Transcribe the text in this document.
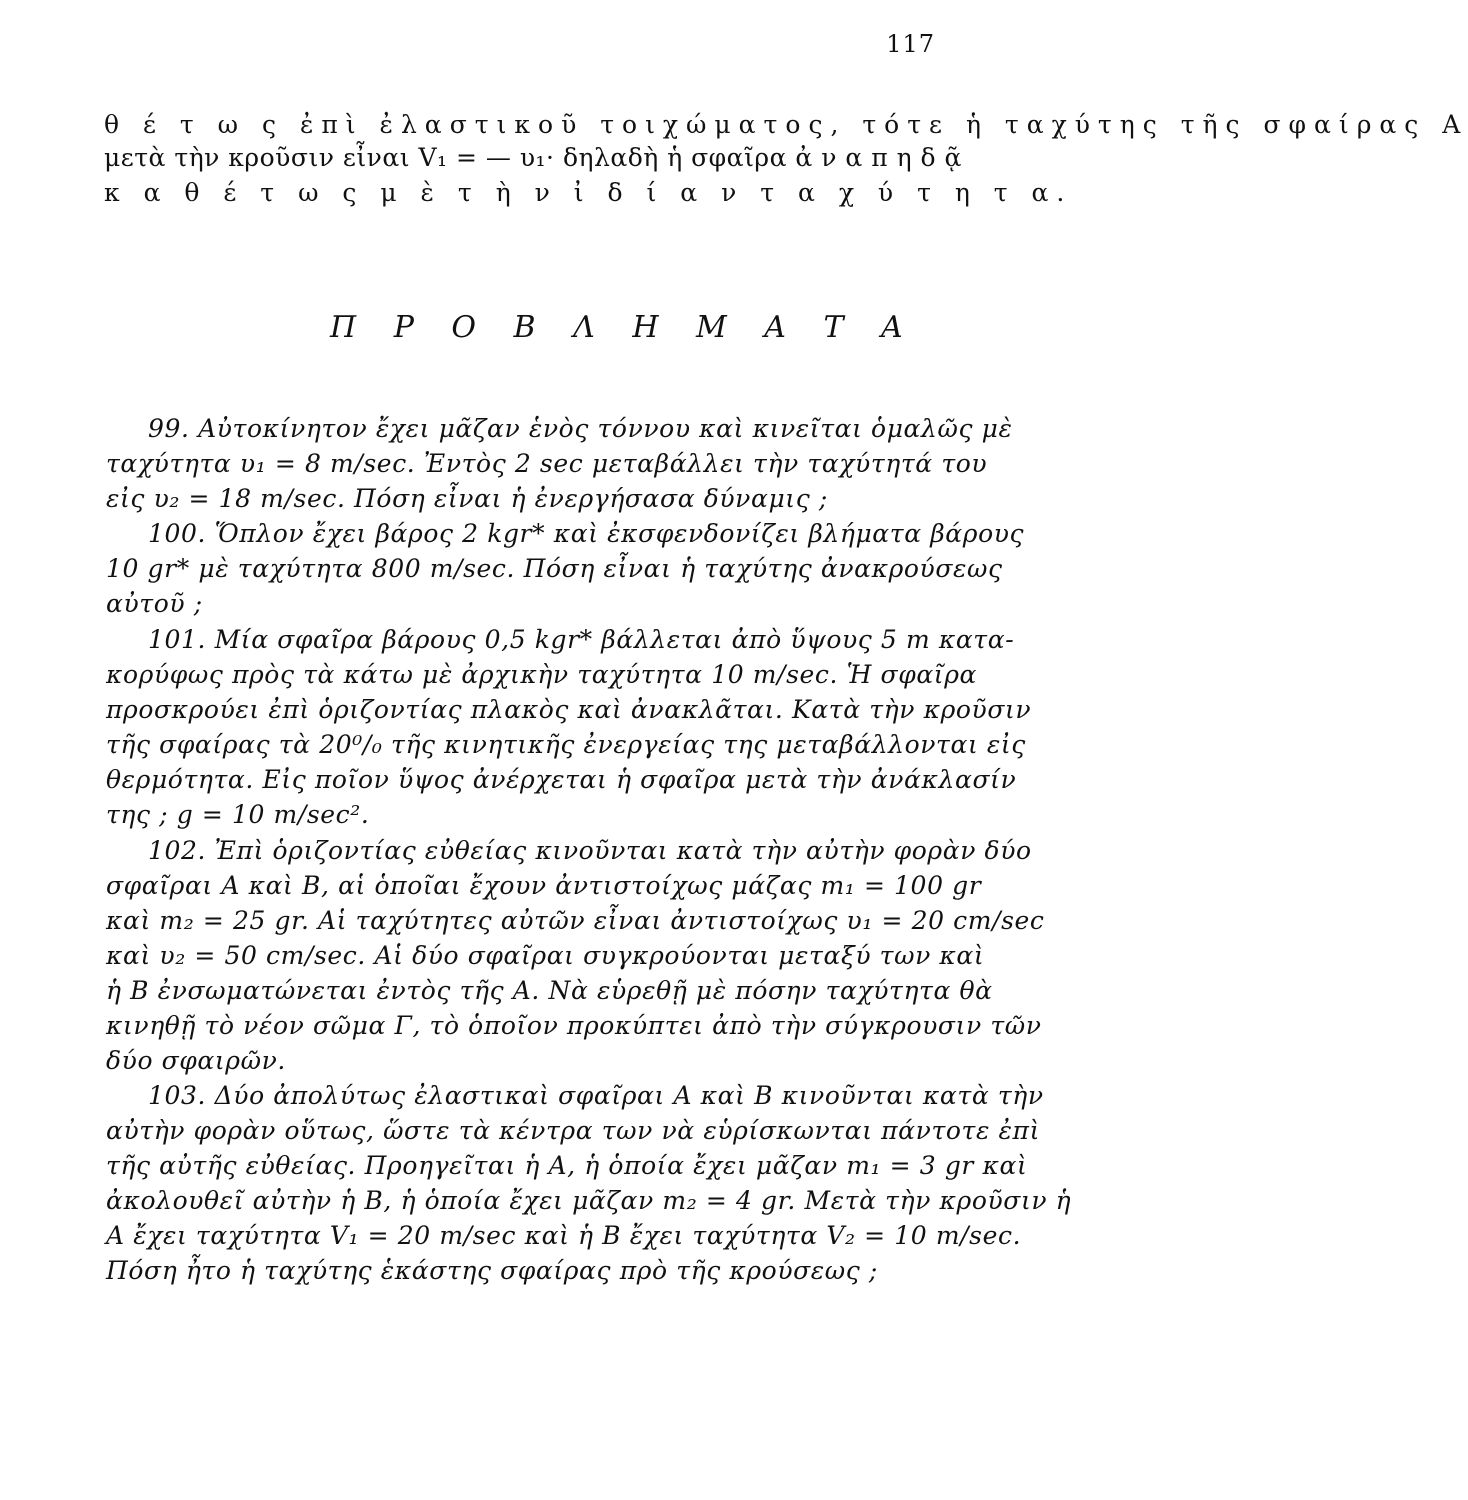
117
θ έ τ ω ς ἐπὶ ἐλαστικοῦ τοιχώματος, τότε ἡ ταχύτης τῆς σφαίρας Α
μετὰ τὴν κροῦσιν εἶναι V₁ = — υ₁· δηλαδὴ ἡ σφαῖρα ἀ ν α π η δ ᾷ
κ α θ έ τ ω ς μ ὲ τ ὴ ν ἰ δ ί α ν τ α χ ύ τ η τ α.
Π Ρ Ο Β Λ Η Μ Α Τ Α
99. Αὐτοκίνητον ἔχει μᾶζαν ἑνὸς τόννου καὶ κινεῖται ὁμαλῶς μὲ
ταχύτητα υ₁ = 8 m/sec. Ἐντὸς 2 sec μεταβάλλει τὴν ταχύτητά του
εἰς υ₂ = 18 m/sec. Πόση εἶναι ἡ ἐνεργήσασα δύναμις ;
100. Ὅπλον ἔχει βάρος 2 kgr* καὶ ἐκσφενδονίζει βλήματα βάρους
10 gr* μὲ ταχύτητα 800 m/sec. Πόση εἶναι ἡ ταχύτης ἀνακρούσεως
αὐτοῦ ;
101. Μία σφαῖρα βάρους 0,5 kgr* βάλλεται ἀπὸ ὕψους 5 m κατα-
κορύφως πρὸς τὰ κάτω μὲ ἀρχικὴν ταχύτητα 10 m/sec. Ἡ σφαῖρα
προσκρούει ἐπὶ ὁριζοντίας πλακὸς καὶ ἀνακλᾶται. Κατὰ τὴν κροῦσιν
τῆς σφαίρας τὰ 20⁰/₀ τῆς κινητικῆς ἐνεργείας της μεταβάλλονται εἰς
θερμότητα. Εἰς ποῖον ὕψος ἀνέρχεται ἡ σφαῖρα μετὰ τὴν ἀνάκλασίν
της ; g = 10 m/sec².
102. Ἐπὶ ὁριζοντίας εὐθείας κινοῦνται κατὰ τὴν αὐτὴν φορὰν δύο
σφαῖραι Α καὶ Β, αἱ ὁποῖαι ἔχουν ἀντιστοίχως μάζας m₁ = 100 gr
καὶ m₂ = 25 gr. Αἱ ταχύτητες αὐτῶν εἶναι ἀντιστοίχως υ₁ = 20 cm/sec
καὶ υ₂ = 50 cm/sec. Αἱ δύο σφαῖραι συγκρούονται μεταξύ των καὶ
ἡ Β ἐνσωματώνεται ἐντὸς τῆς Α. Νὰ εὑρεθῇ μὲ πόσην ταχύτητα θὰ
κινηθῇ τὸ νέον σῶμα Γ, τὸ ὁποῖον προκύπτει ἀπὸ τὴν σύγκρουσιν τῶν
δύο σφαιρῶν.
103. Δύο ἀπολύτως ἐλαστικαὶ σφαῖραι Α καὶ Β κινοῦνται κατὰ τὴν
αὐτὴν φορὰν οὕτως, ὥστε τὰ κέντρα των νὰ εὑρίσκωνται πάντοτε ἐπὶ
τῆς αὐτῆς εὐθείας. Προηγεῖται ἡ Α, ἡ ὁποία ἔχει μᾶζαν m₁ = 3 gr καὶ
ἀκολουθεῖ αὐτὴν ἡ Β, ἡ ὁποία ἔχει μᾶζαν m₂ = 4 gr. Μετὰ τὴν κροῦσιν ἡ
Α ἔχει ταχύτητα V₁ = 20 m/sec καὶ ἡ Β ἔχει ταχύτητα V₂ = 10 m/sec.
Πόση ἦτο ἡ ταχύτης ἑκάστης σφαίρας πρὸ τῆς κρούσεως ;
